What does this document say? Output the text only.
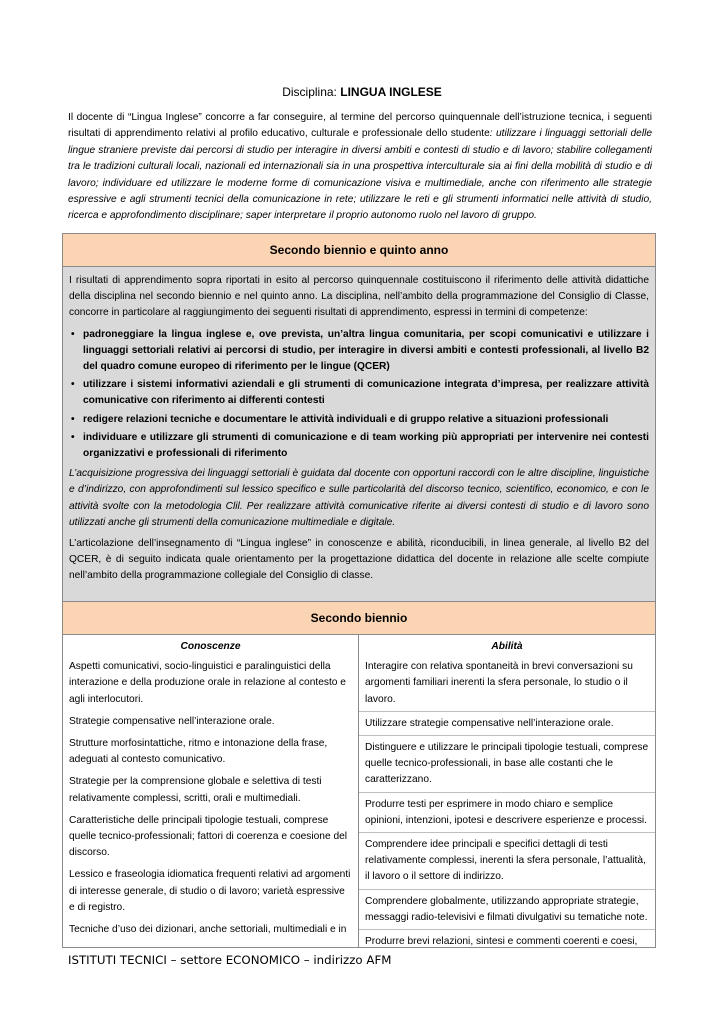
Disciplina: LINGUA INGLESE
Il docente di “Lingua Inglese” concorre a far conseguire, al termine del percorso quinquennale dell’istruzione tecnica, i seguenti risultati di apprendimento relativi al profilo educativo, culturale e professionale dello studente: utilizzare i linguaggi settoriali delle lingue straniere previste dai percorsi di studio per interagire in diversi ambiti e contesti di studio e di lavoro; stabilire collegamenti tra le tradizioni culturali locali, nazionali ed internazionali sia in una prospettiva interculturale sia ai fini della mobilità di studio e di lavoro; individuare ed utilizzare le moderne forme di comunicazione visiva e multimediale, anche con riferimento alle strategie espressive e agli strumenti tecnici della comunicazione in rete; utilizzare le reti e gli strumenti informatici nelle attività di studio, ricerca e approfondimento disciplinare; saper interpretare il proprio autonomo ruolo nel lavoro di gruppo.
Secondo biennio e quinto anno

I risultati di apprendimento sopra riportati in esito al percorso quinquennale costituiscono il riferimento delle attività didattiche della disciplina nel secondo biennio e nel quinto anno. La disciplina, nell’ambito della programmazione del Consiglio di Classe, concorre in particolare al raggiungimento dei seguenti risultati di apprendimento, espressi in termini di competenze:

• padroneggiare la lingua inglese e, ove prevista, un’altra lingua comunitaria, per scopi comunicativi e utilizzare i linguaggi settoriali relativi ai percorsi di studio, per interagire in diversi ambiti e contesti professionali, al livello B2 del quadro comune europeo di riferimento per le lingue (QCER)
• utilizzare i sistemi informativi aziendali e gli strumenti di comunicazione integrata d’impresa, per realizzare attività comunicative con riferimento ai differenti contesti
• redigere relazioni tecniche e documentare le attività individuali e di gruppo relative a situazioni professionali
• individuare e utilizzare gli strumenti di comunicazione e di team working più appropriati per intervenire nei contesti organizzativi e professionali di riferimento

L’acquisizione progressiva dei linguaggi settoriali è guidata dal docente con opportuni raccordi con le altre discipline, linguistiche e d’indirizzo, con approfondimenti sul lessico specifico e sulle particolarità del discorso tecnico, scientifico, economico, e con le attività svolte con la metodologia Clil. Per realizzare attività comunicative riferite ai diversi contesti di studio e di lavoro sono utilizzati anche gli strumenti della comunicazione multimediale e digitale.

L’articolazione dell’insegnamento di “Lingua inglese” in conoscenze e abilità, riconducibili, in linea generale, al livello B2 del QCER, è di seguito indicata quale orientamento per la progettazione didattica del docente in relazione alle scelte compiute nell’ambito della programmazione collegiale del Consiglio di classe.

Secondo biennio
Conoscenze
Aspetti comunicativi, socio-linguistici e paralinguistici della interazione e della produzione orale in relazione al contesto e agli interlocutori.
Strategie compensative nell’interazione orale.
Strutture morfosintattiche, ritmo e intonazione della frase, adeguati al contesto comunicativo.
Strategie per la comprensione globale e selettiva di testi relativamente complessi, scritti, orali e multimediali.
Caratteristiche delle principali tipologie testuali, comprese quelle tecnico-professionali; fattori di coerenza e coesione del discorso.
Lessico e fraseologia idiomatica frequenti relativi ad argomenti di interesse generale, di studio o di lavoro; varietà espressive e di registro.
Tecniche d’uso dei dizionari, anche settoriali, multimediali e in
Abilità
Interagire con relativa spontaneità in brevi conversazioni su argomenti familiari inerenti la sfera personale, lo studio o il lavoro.
Utilizzare strategie compensative nell’interazione orale.
Distinguere e utilizzare le principali tipologie testuali, comprese quelle tecnico-professionali, in base alle costanti che le caratterizzano.
Produrre testi per esprimere in modo chiaro e semplice opinioni, intenzioni, ipotesi e descrivere esperienze e processi.
Comprendere idee principali e specifici dettagli di testi relativamente complessi, inerenti la sfera personale, l’attualità, il lavoro o il settore di indirizzo.
Comprendere globalmente, utilizzando appropriate strategie, messaggi radio-televisivi e filmati divulgativi su tematiche note.
Produrre brevi relazioni, sintesi e commenti coerenti e coesi,
ISTITUTI TECNICI – settore ECONOMICO – indirizzo AFM
